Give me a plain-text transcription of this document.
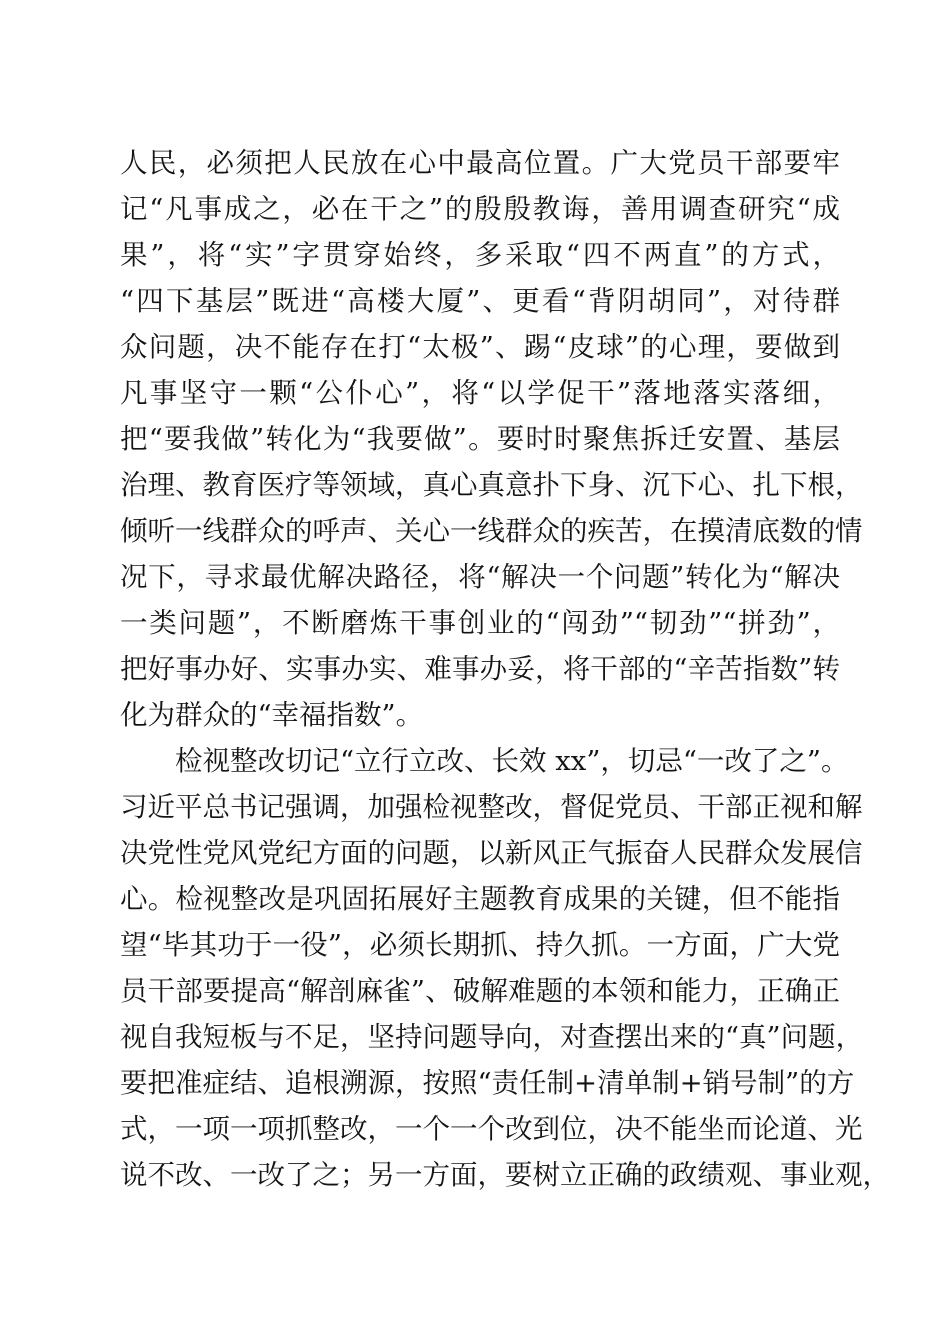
人民，必须把人民放在心中最高位置。广大党员干部要牢
记“凡事成之，必在干之”的殷殷教诲，善用调查研究“成
果”，将“实”字贯穿始终，多采取“四不两直”的方式，
“四下基层”既进“高楼大厦”、更看“背阴胡同”，对待群
众问题，决不能存在打“太极”、踢“皮球”的心理，要做到
凡事坚守一颗“公仆心”，将“以学促干”落地落实落细，
把“要我做”转化为“我要做”。要时时聚焦拆迁安置、基层
治理、教育医疗等领域，真心真意扑下身、沉下心、扎下根，
倾听一线群众的呼声、关心一线群众的疾苦，在摸清底数的情
况下，寻求最优解决路径，将“解决一个问题”转化为“解决
一类问题”，不断磨炼干事创业的“闯劲”“韧劲”“拼劲”，
把好事办好、实事办实、难事办妥，将干部的“辛苦指数”转
化为群众的“幸福指数”。
检视整改切记“立行立改、长效 xx”，切忌“一改了之”。
习近平总书记强调，加强检视整改，督促党员、干部正视和解
决党性党风党纪方面的问题，以新风正气振奋人民群众发展信
心。检视整改是巩固拓展好主题教育成果的关键，但不能指
望“毕其功于一役”，必须长期抓、持久抓。一方面，广大党
员干部要提高“解剖麻雀”、破解难题的本领和能力，正确正
视自我短板与不足，坚持问题导向，对查摆出来的“真”问题，
要把准症结、追根溯源，按照“责任制+清单制+销号制”的方
式，一项一项抓整改，一个一个改到位，决不能坐而论道、光
说不改、一改了之；另一方面，要树立正确的政绩观、事业观，
